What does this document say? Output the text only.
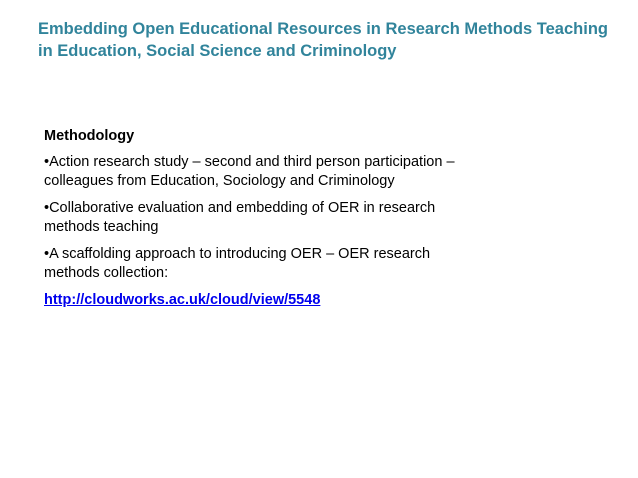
Embedding Open Educational Resources in Research Methods Teaching in Education, Social Science and Criminology
Methodology
•Action research study – second and third person participation – colleagues from Education, Sociology and Criminology
•Collaborative evaluation and embedding of OER in research methods teaching
•A scaffolding approach to introducing OER – OER research methods collection:
http://cloudworks.ac.uk/cloud/view/5548
